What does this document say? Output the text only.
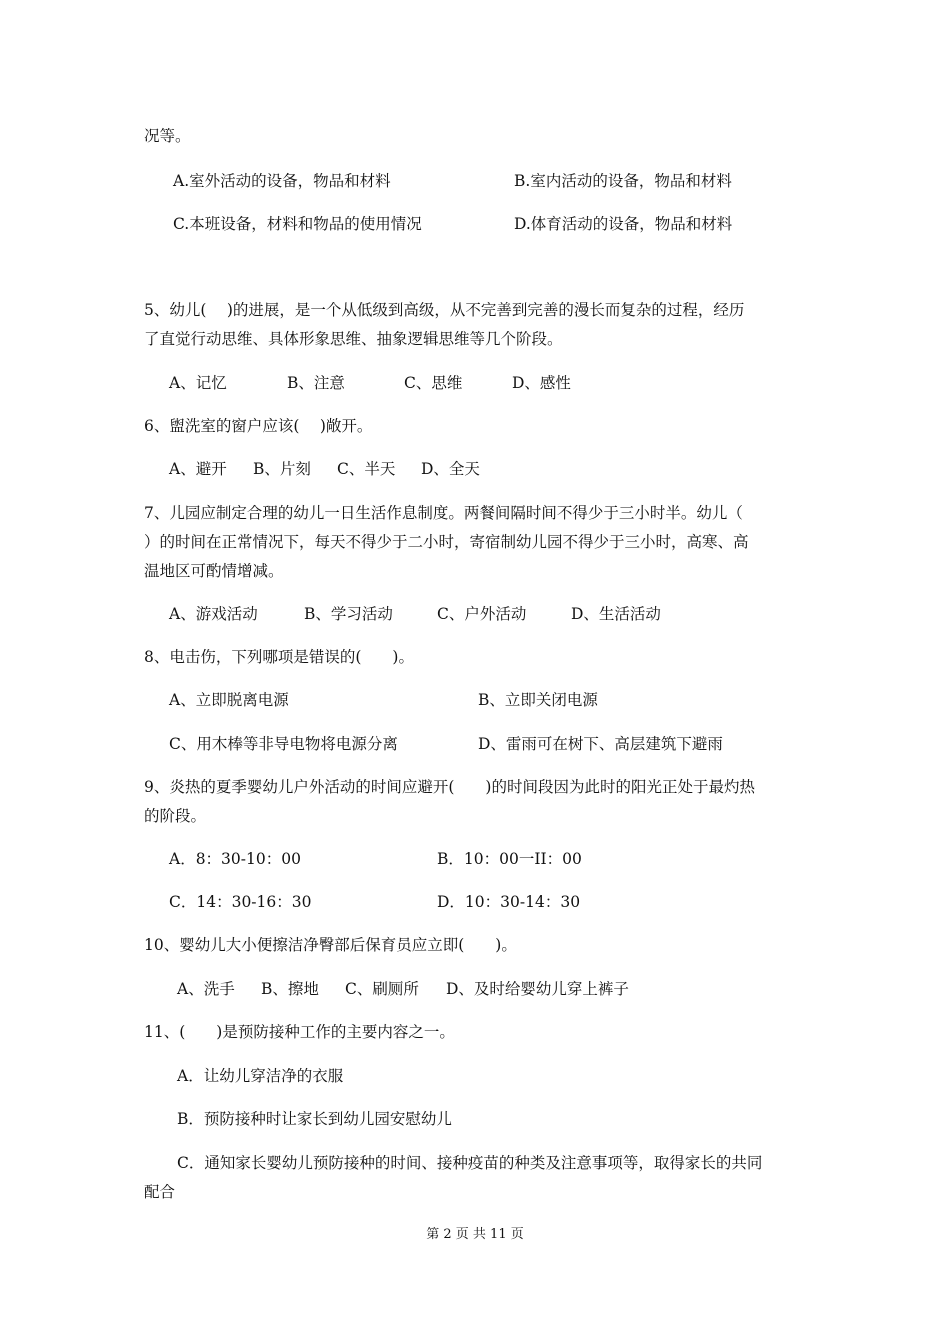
况等。
A.室外活动的设备，物品和材料	B.室内活动的设备，物品和材料
C.本班设备，材料和物品的使用情况	D.体育活动的设备，物品和材料
5、幼儿(　 )的进展，是一个从低级到高级，从不完善到完善的漫长而复杂的过程，经历
了直觉行动思维、具体形象思维、抽象逻辑思维等几个阶段。
A、记忆	B、注意	C、思维	D、感性
6、盥洗室的窗户应该(　 )敞开。
A、避开 B、片刻 C、半天 D、全天
7、儿园应制定合理的幼儿一日生活作息制度。两餐间隔时间不得少于三小时半。幼儿（
）的时间在正常情况下，每天不得少于二小时，寄宿制幼儿园不得少于三小时，高寒、高
温地区可酌情增减。
A、游戏活动	B、学习活动	C、户外活动	D、生活活动
8、电击伤，下列哪项是错误的(　　)。
A、立即脱离电源	B、立即关闭电源
C、用木棒等非导电物将电源分离	D、雷雨可在树下、高层建筑下避雨
9、炎热的夏季婴幼儿户外活动的时间应避开(　　)的时间段因为此时的阳光正处于最灼热
的阶段。
A．8：30-10：00	B．10：00一II：00
C．14：30-16：30	D．10：30-14：30
10、婴幼儿大小便擦洁净臀部后保育员应立即(　　)。
A、洗手 B、擦地 C、刷厕所 D、及时给婴幼儿穿上裤子
11、(　　)是预防接种工作的主要内容之一。
A．让幼儿穿洁净的衣服
B．预防接种时让家长到幼儿园安慰幼儿
C．通知家长婴幼儿预防接种的时间、接种疫苗的种类及注意事项等，取得家长的共同
配合
第 2 页 共 11 页
